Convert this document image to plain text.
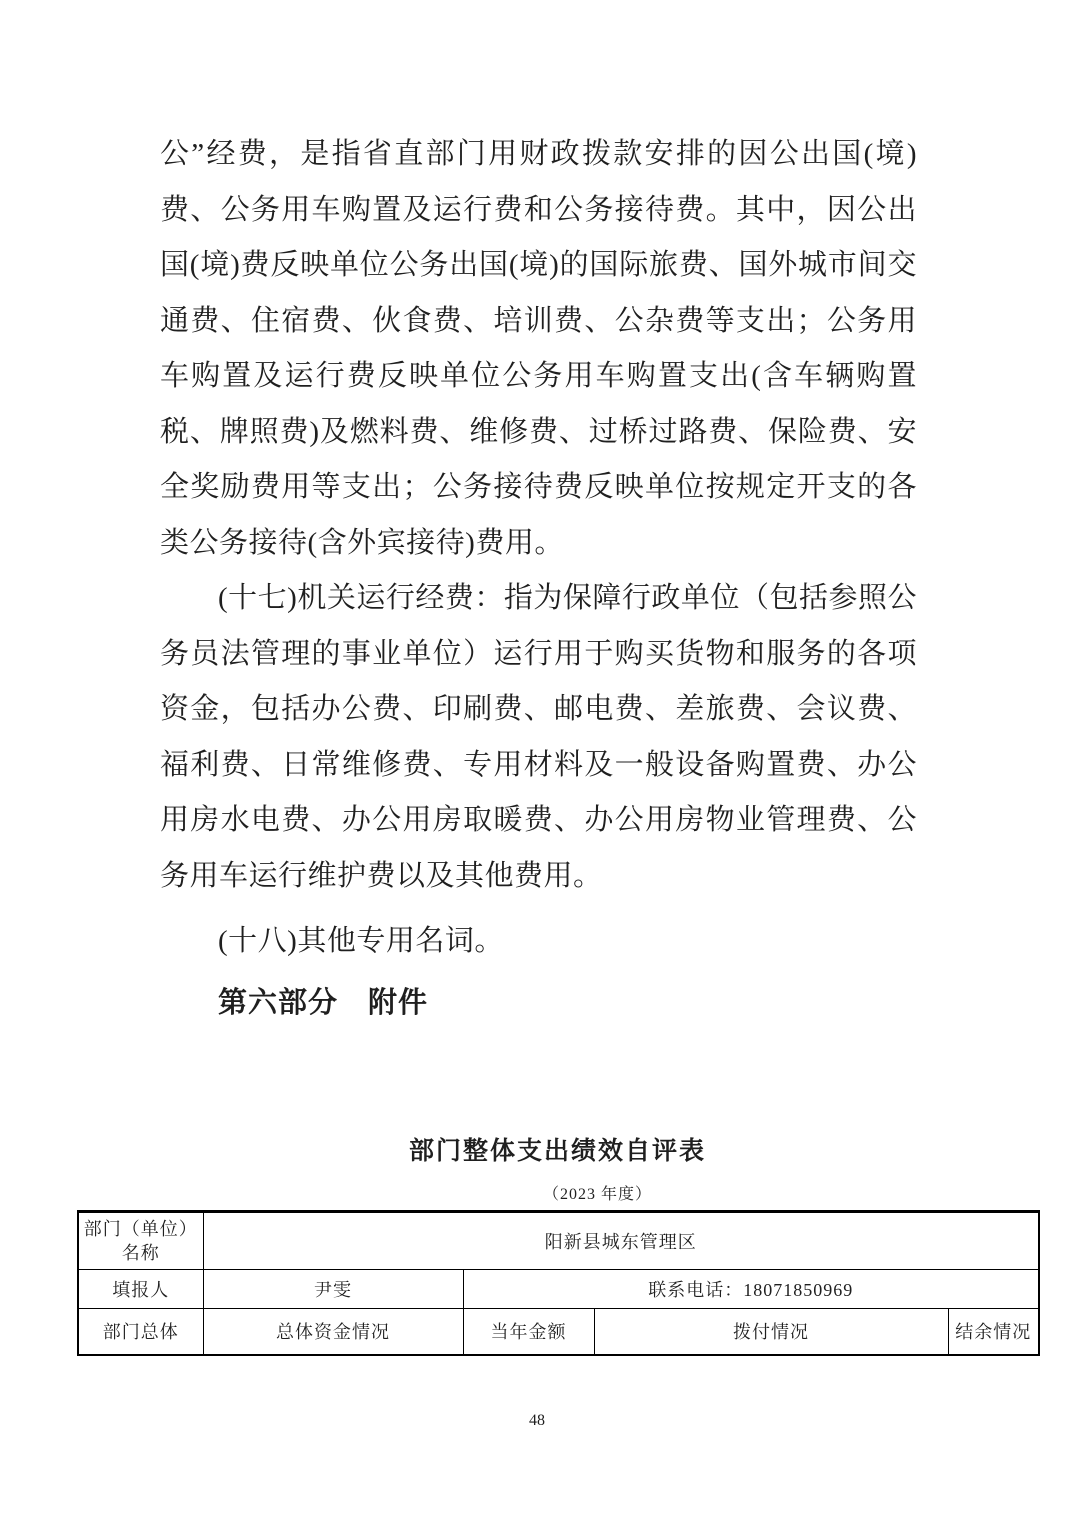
公”经费，是指省直部门用财政拨款安排的因公出国(境)费、公务用车购置及运行费和公务接待费。其中，因公出国(境)费反映单位公务出国(境)的国际旅费、国外城市间交通费、住宿费、伙食费、培训费、公杂费等支出；公务用车购置及运行费反映单位公务用车购置支出(含车辆购置税、牌照费)及燃料费、维修费、过桥过路费、保险费、安全奖励费用等支出；公务接待费反映单位按规定开支的各类公务接待(含外宾接待)费用。

(十七)机关运行经费：指为保障行政单位（包括参照公务员法管理的事业单位）运行用于购买货物和服务的各项资金，包括办公费、印刷费、邮电费、差旅费、会议费、福利费、日常维修费、专用材料及一般设备购置费、办公用房水电费、办公用房取暖费、办公用房物业管理费、公务用车运行维护费以及其他费用。

(十八)其他专用名词。

第六部分　附件
部门整体支出绩效自评表
（2023 年度）
部门（单位）
名称	阳新县城东管理区			
填报人	尹雯	联系电话：18071850969		
部门总体	总体资金情况	当年金额	拨付情况	结余情况
48
